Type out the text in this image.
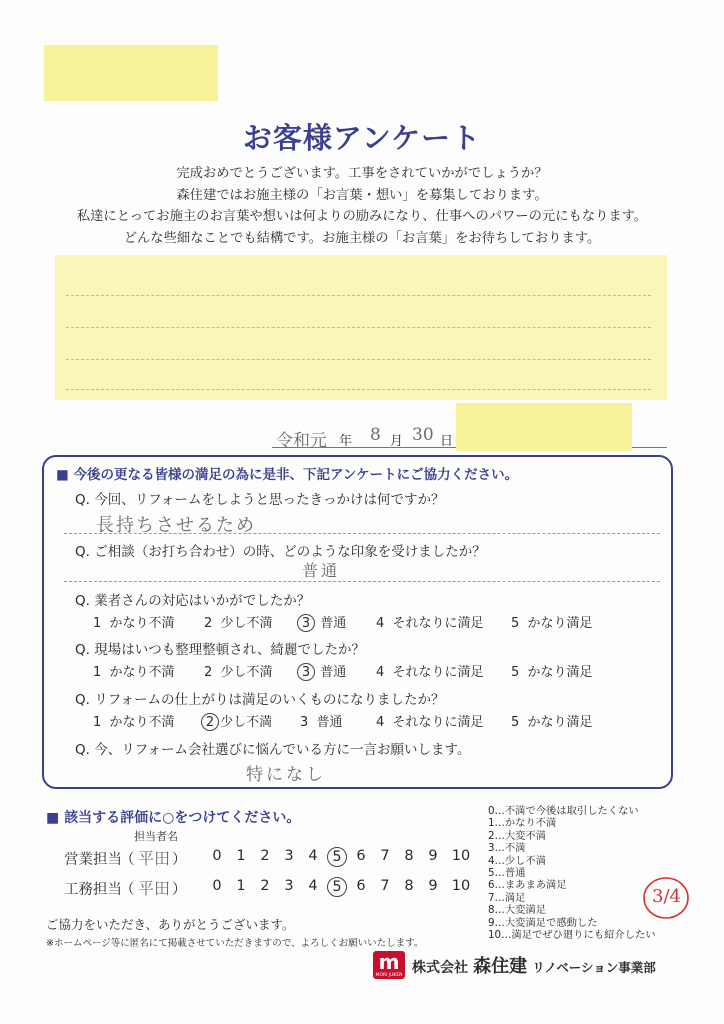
お客様アンケート
完成おめでとうございます。工事をされていかがでしょうか？
森住建ではお施主様の「お言葉・想い」を募集しております。
私達にとってお施主のお言葉や想いは何よりの励みになり、仕事へのパワーの元にもなります。
どんな些細なことでも結構です。お施主様の「お言葉」をお待ちしております。
令和元 年 8 月 30 日
■ 今後の更なる皆様の満足の為に是非、下記アンケートにご協力ください。
Q. 今回、リフォームをしようと思ったきっかけは何ですか？
長持ちさせるため
Q. ご相談（お打ち合わせ）の時、どのような印象を受けましたか？
普通
Q. 業者さんの対応はいかがでしたか？
1 かなり不満 2 少し不満 3 普通 4 それなりに満足 5 かなり満足
Q. 現場はいつも整理整頓され、綺麗でしたか？
1 かなり不満 2 少し不満 3 普通 4 それなりに満足 5 かなり満足
Q. リフォームの仕上がりは満足のいくものになりましたか？
1 かなり不満 2 少し不満 3 普通	4 それなりに満足 5 かなり満足
Q. 今、リフォーム会社選びに悩んでいる方に一言お願いします。
特になし
■ 該当する評価に○をつけてください。
担当者名
営業担当
（ 平田 ）	0	1	2	3	4	5	6	7	8	9 10
工務担当
（ 平田 ）	0	1	2	3	4	5	6	7	8	9 10
0…不満で今後は取引したくない
1…かなり不満
2…大変不満
3…不満
4…少し不満
5…普通
6…まあまあ満足
7…満足
8…大変満足
9…大変満足で感動した
10…満足でぜひ廻りにも紹介したい
3/4
ご協力をいただき、ありがとうございます。
※ホームページ等に匿名にて掲載させていただきますので、よろしくお願いいたします。
m
MORI JUKEN 株式会社 森住建 リノベーション事業部
